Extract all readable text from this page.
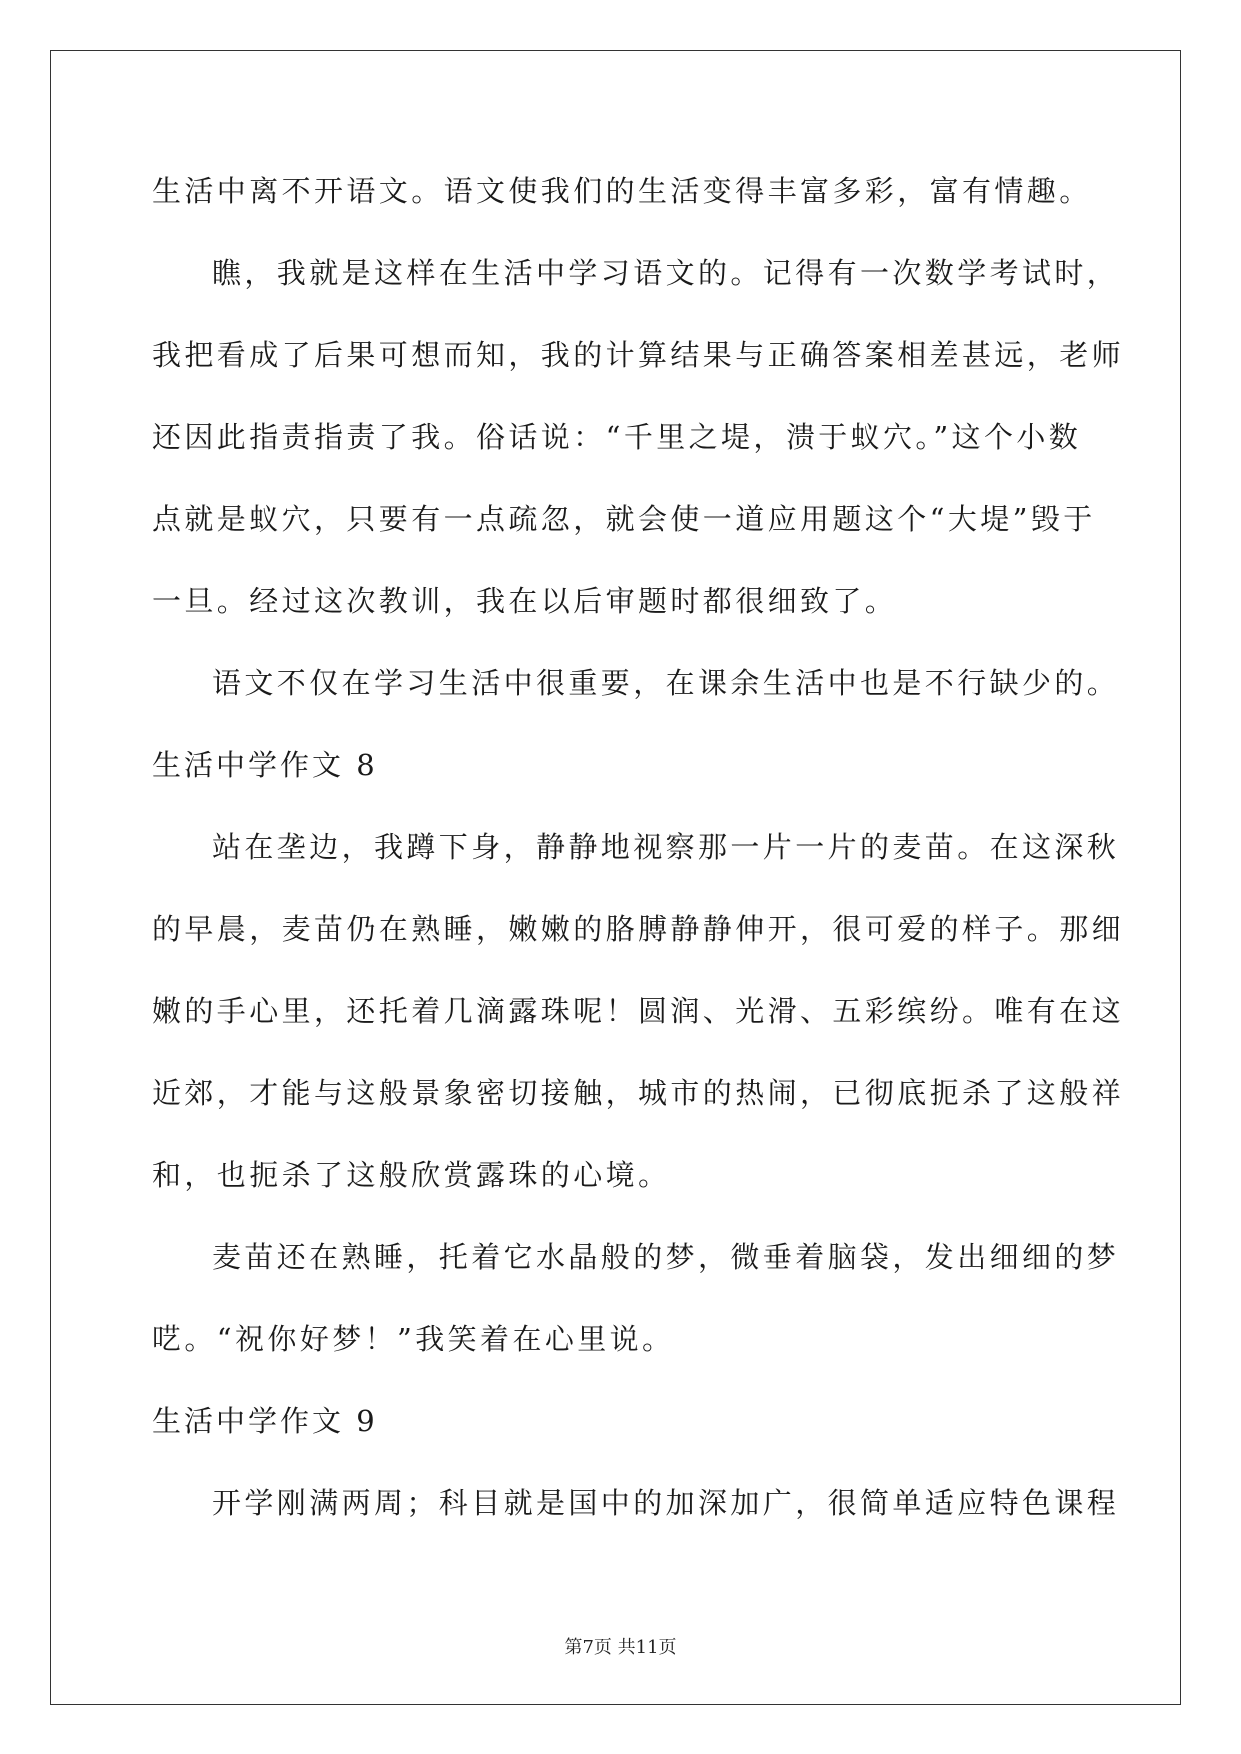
生活中离不开语文。语文使我们的生活变得丰富多彩，富有情趣。
瞧，我就是这样在生活中学习语文的。记得有一次数学考试时，
我把看成了后果可想而知，我的计算结果与正确答案相差甚远，老师
还因此指责指责了我。俗话说：“千里之堤，溃于蚁穴。”这个小数
点就是蚁穴，只要有一点疏忽，就会使一道应用题这个“大堤”毁于
一旦。经过这次教训，我在以后审题时都很细致了。
语文不仅在学习生活中很重要，在课余生活中也是不行缺少的。
生活中学作文 8
站在垄边，我蹲下身，静静地视察那一片一片的麦苗。在这深秋
的早晨，麦苗仍在熟睡，嫩嫩的胳膊静静伸开，很可爱的样子。那细
嫩的手心里，还托着几滴露珠呢！圆润、光滑、五彩缤纷。唯有在这
近郊，才能与这般景象密切接触，城市的热闹，已彻底扼杀了这般祥
和，也扼杀了这般欣赏露珠的心境。
麦苗还在熟睡，托着它水晶般的梦，微垂着脑袋，发出细细的梦
呓。“祝你好梦！”我笑着在心里说。
生活中学作文 9
开学刚满两周；科目就是国中的加深加广，很简单适应特色课程
第7页 共11页
